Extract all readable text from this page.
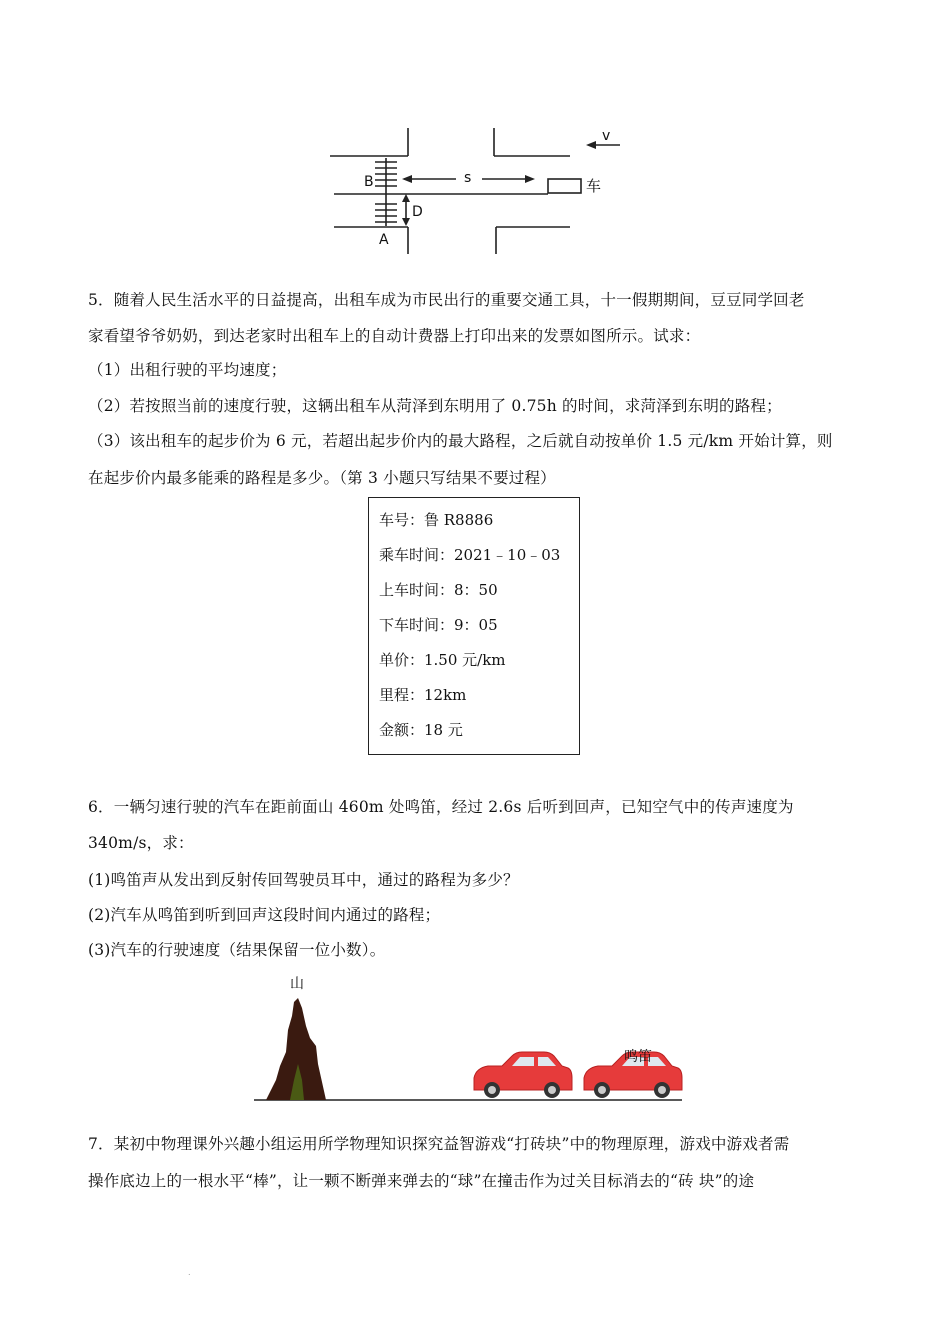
v
s
B
A
D
车
5．随着人民生活水平的日益提高，出租车成为市民出行的重要交通工具，十一假期期间，豆豆同学回老
家看望爷爷奶奶，到达老家时出租车上的自动计费器上打印出来的发票如图所示。试求：
（1）出租行驶的平均速度；
（2）若按照当前的速度行驶，这辆出租车从菏泽到东明用了 0.75h 的时间，求菏泽到东明的路程；
（3）该出租车的起步价为 6 元，若超出起步价内的最大路程，之后就自动按单价 1.5 元/km 开始计算，则
在起步价内最多能乘的路程是多少。（第 3 小题只写结果不要过程）
车号：鲁 R8886
乘车时间：2021﹣10﹣03
上车时间：8：50
下车时间：9：05
单价：1.50 元/km
里程：12km
金额：18 元
6．一辆匀速行驶的汽车在距前面山 460m 处鸣笛，经过 2.6s 后听到回声，已知空气中的传声速度为
340m/s，求：
(1)鸣笛声从发出到反射传回驾驶员耳中，通过的路程为多少？
(2)汽车从鸣笛到听到回声这段时间内通过的路程；
(3)汽车的行驶速度（结果保留一位小数）。
山
鸣笛
7．某初中物理课外兴趣小组运用所学物理知识探究益智游戏“打砖块”中的物理原理，游戏中游戏者需
操作底边上的一根水平“棒”，让一颗不断弹来弹去的“球”在撞击作为过关目标消去的“砖 块”的途
.
